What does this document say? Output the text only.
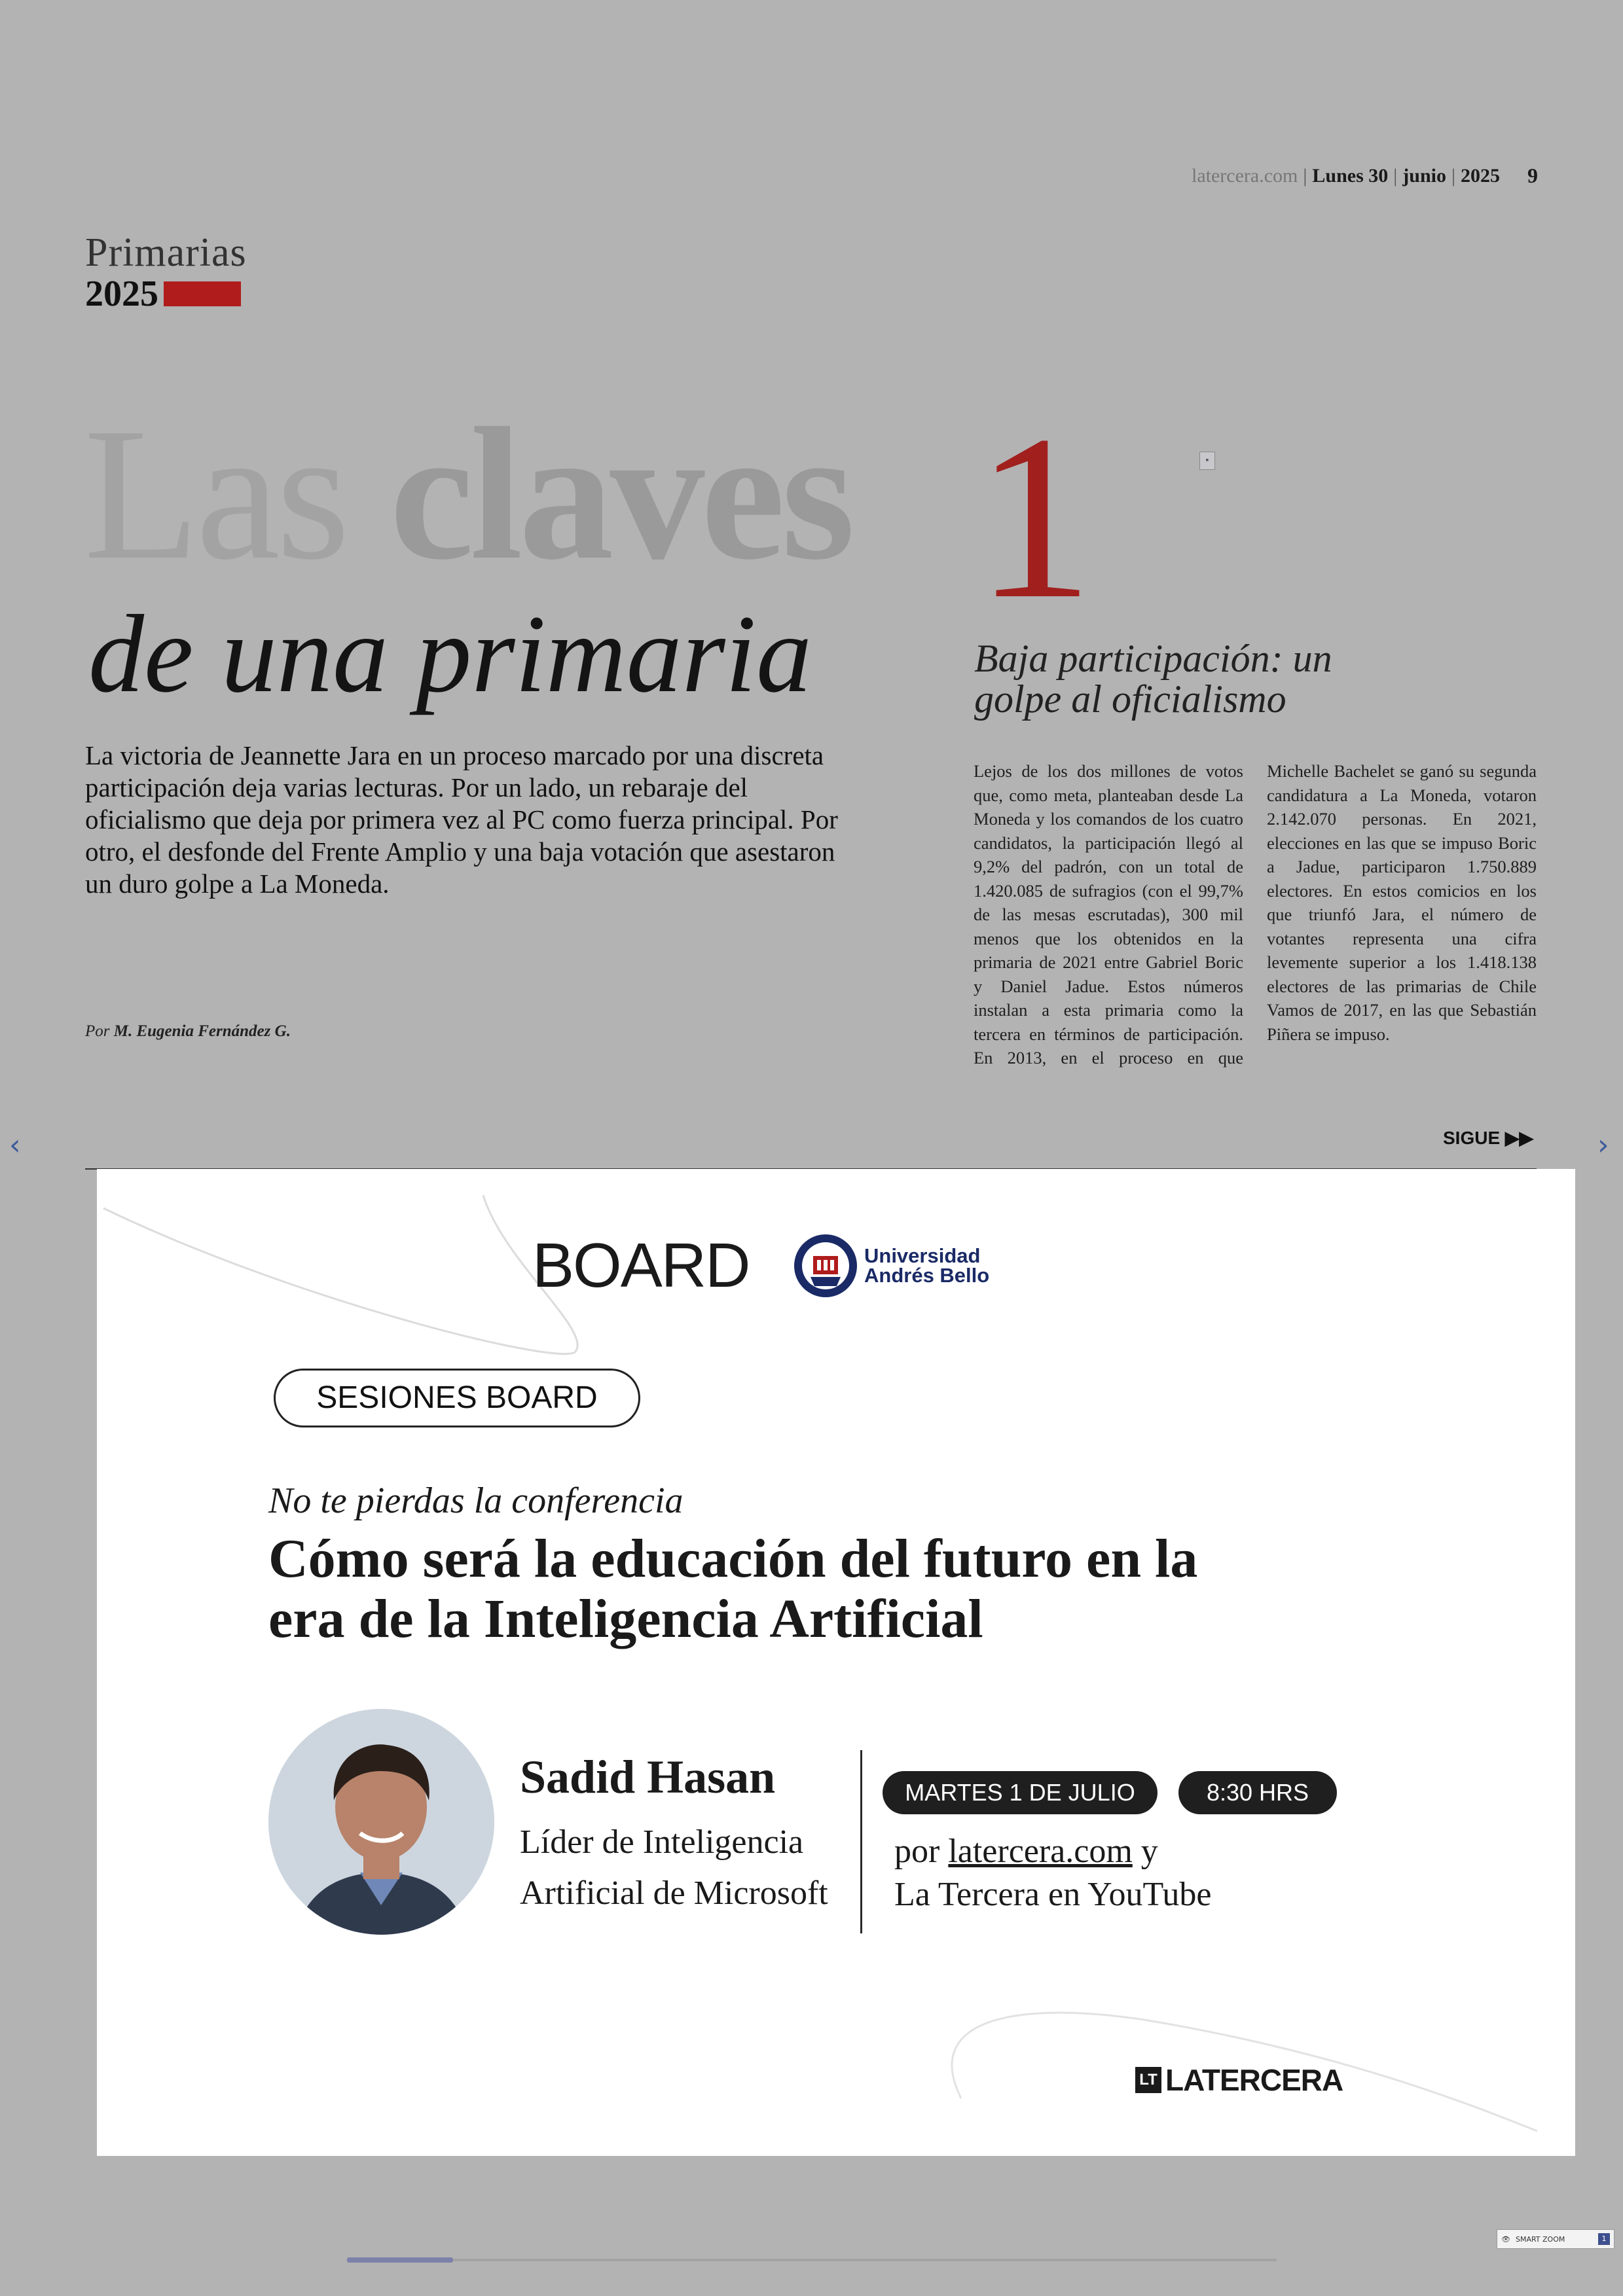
latercera.com | Lunes 30 | junio | 2025 9
Primarias
2025
Las claves
de una primaria
La victoria de Jeannette Jara en un proceso marcado por una discreta participación deja varias lecturas. Por un lado, un rebaraje del oficialismo que deja por primera vez al PC como fuerza principal. Por otro, el desfonde del Frente Amplio y una baja votación que asestaron un duro golpe a La Moneda.
Por M. Eugenia Fernández G.
1	▪
Baja participación: un golpe al oficialismo
Lejos de los dos millones de votos que, como meta, planteaban desde La Moneda y los comandos de los cuatro candidatos, la participación llegó al 9,2% del padrón, con un total de 1.420.085 de sufragios (con el 99,7% de las mesas escrutadas), 300 mil menos que los obtenidos en la primaria de 2021 entre Gabriel Boric y Daniel Jadue. Estos números instalan a esta primaria como la tercera en términos de participación. En 2013, en el proceso en que Michelle Bachelet se ganó su segunda candidatura a La Moneda, votaron 2.142.070 personas. En 2021, elecciones en las que se impuso Boric a Jadue, participaron 1.750.889 electores. En estos comicios en los que triunfó Jara, el número de votantes representa una cifra levemente superior a los 1.418.138 electores de las primarias de Chile Vamos de 2017, en las que Sebastián Piñera se impuso.
SIGUE ▶▶
‹	›
BOARD	Universidad
Andrés Bello
SESIONES BOARD
No te pierdas la conferencia
Cómo será la educación del futuro en la era de la Inteligencia Artificial
Sadid Hasan
Líder de Inteligencia Artificial de Microsoft
MARTES 1 DE JULIO	8:30 HRS
por latercera.com y
La Tercera en YouTube
LT LATERCERA
👁 SMART ZOOM	1
